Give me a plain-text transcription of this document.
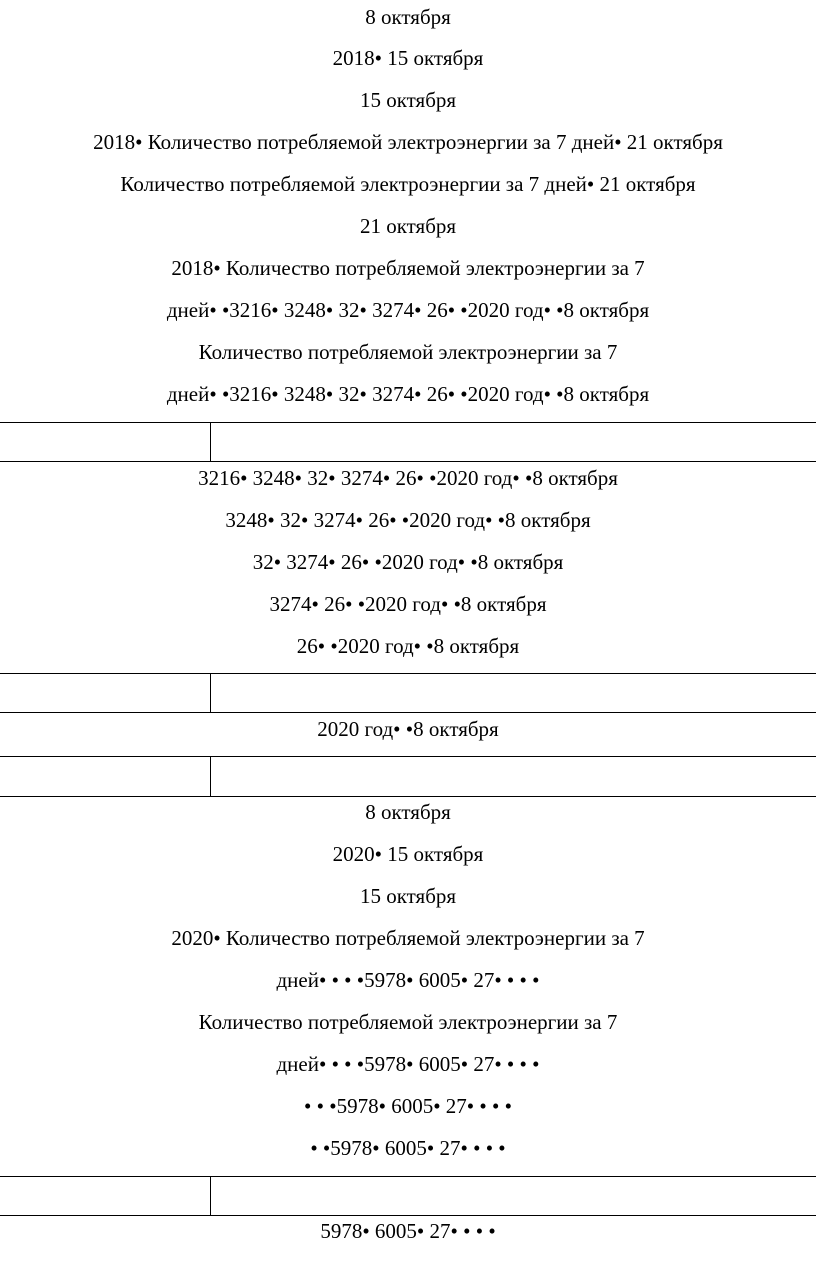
8 октября
2018• 15 октября
15 октября
2018• Количество потребляемой электроэнергии за 7 дней• 21 октября
Количество потребляемой электроэнергии за 7 дней• 21 октября
21 октября
2018• Количество потребляемой электроэнергии за 7
дней• •3216• 3248• 32• 3274• 26• •2020 год• •8 октября
Количество потребляемой электроэнергии за 7
дней• •3216• 3248• 32• 3274• 26• •2020 год• •8 октября
3216• 3248• 32• 3274• 26• •2020 год• •8 октября
3248• 32• 3274• 26• •2020 год• •8 октября
32• 3274• 26• •2020 год• •8 октября
3274• 26• •2020 год• •8 октября
26• •2020 год• •8 октября
2020 год• •8 октября
8 октября
2020• 15 октября
15 октября
2020• Количество потребляемой электроэнергии за 7
дней• • • •5978• 6005• 27• • • •
Количество потребляемой электроэнергии за 7
дней• • • •5978• 6005• 27• • • •
• • •5978• 6005• 27• • • •
• •5978• 6005• 27• • • •
5978• 6005• 27• • • •
